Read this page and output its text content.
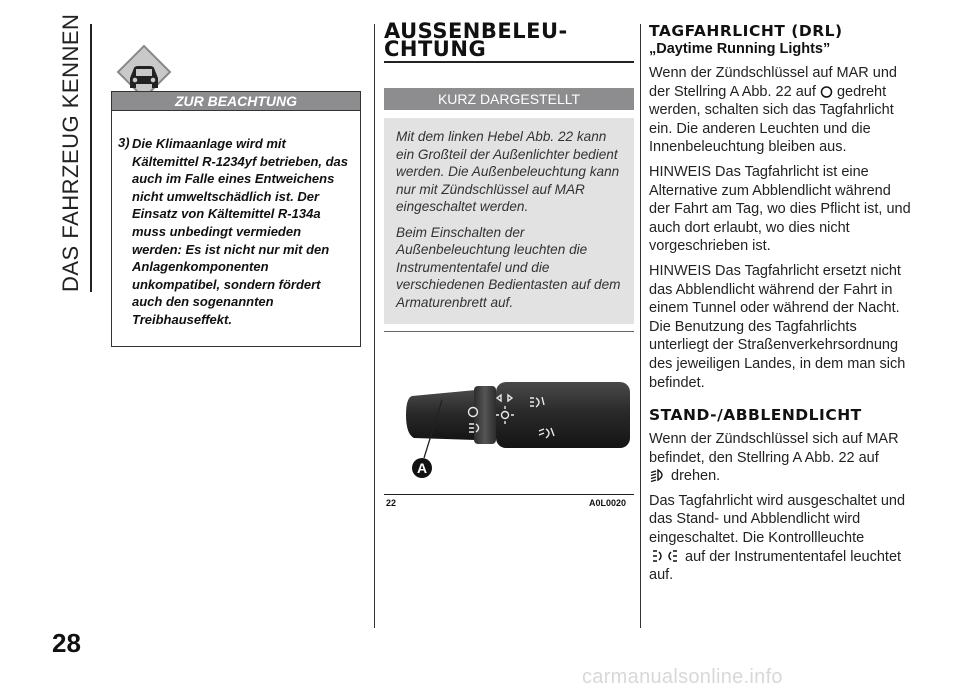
DAS FAHRZEUG KENNEN
28
ZUR BEACHTUNG
3) Die Klimaanlage wird mit Kältemittel R-1234yf betrieben, das auch im Falle eines Entweichens nicht umweltschädlich ist. Der Einsatz von Kältemittel R-134a muss unbedingt vermieden werden: Es ist nicht nur mit den Anlagenkomponenten unkompatibel, sondern fördert auch den sogenannten Treibhauseffekt.
AUSSENBELEU-
CHTUNG
KURZ DARGESTELLT

Mit dem linken Hebel Abb. 22 kann ein Großteil der Außenlichter bedient werden. Die Außenbeleuchtung kann nur mit Zündschlüssel auf MAR eingeschaltet werden.

Beim Einschalten der Außenbeleuchtung leuchten die Instrumententafel und die verschiedenen Bedientasten auf dem Armaturenbrett auf.

A
22	A0L0020
TAGFAHRLICHT (DRL)

„Daytime Running Lights”

Wenn der Zündschlüssel auf MAR und der Stellring A Abb. 22 auf gedreht werden, schalten sich das Tagfahrlicht ein. Die anderen Leuchten und die Innenbeleuchtung bleiben aus.

HINWEIS Das Tagfahrlicht ist eine Alternative zum Abblendlicht während der Fahrt am Tag, wo dies Pflicht ist, und auch dort erlaubt, wo dies nicht vorgeschrieben ist.

HINWEIS Das Tagfahrlicht ersetzt nicht das Abblendlicht während der Fahrt in einem Tunnel oder während der Nacht. Die Benutzung des Tagfahrlichts unterliegt der Straßenverkehrsordnung des jeweiligen Landes, in dem man sich befindet.

STAND-/ABBLENDLICHT

Wenn der Zündschlüssel sich auf MAR befindet, den Stellring A Abb. 22 auf
drehen.

Das Tagfahrlicht wird ausgeschaltet und das Stand- und Abblendlicht wird eingeschaltet. Die Kontrollleuchte
auf der Instrumententafel leuchtet auf.

carmanualsonline.info
